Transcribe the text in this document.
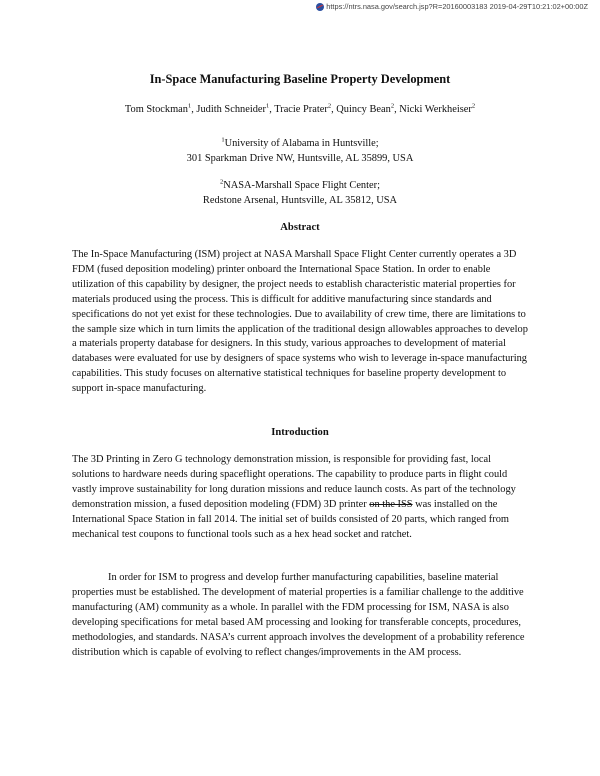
https://ntrs.nasa.gov/search.jsp?R=20160003183 2019-04-29T10:21:02+00:00Z
In-Space Manufacturing Baseline Property Development
Tom Stockman$^1$, Judith Schneider$^1$, Tracie Prater$^2$, Quincy Bean$^2$, Nicki Werkheiser$^2$
$^1$University of Alabama in Huntsville;
301 Sparkman Drive NW, Huntsville, AL 35899, USA
$^2$NASA-Marshall Space Flight Center;
Redstone Arsenal, Huntsville, AL 35812, USA
Abstract

The In-Space Manufacturing (ISM) project at NASA Marshall Space Flight Center currently operates a 3D FDM (fused deposition modeling) printer onboard the International Space Station. In order to enable utilization of this capability by designer, the project needs to establish characteristic material properties for materials produced using the process. This is difficult for additive manufacturing since standards and specifications do not yet exist for these technologies. Due to availability of crew time, there are limitations to the sample size which in turn limits the application of the traditional design allowables approaches to develop a materials property database for designers. In this study, various approaches to development of material databases were evaluated for use by designers of space systems who wish to leverage in-space manufacturing capabilities. This study focuses on alternative statistical techniques for baseline property development to support in-space manufacturing.

Introduction

The 3D Printing in Zero G technology demonstration mission, is responsible for providing fast, local solutions to hardware needs during spaceflight operations. The capability to produce parts in flight could vastly improve sustainability for long duration missions and reduce launch costs. As part of the technology demonstration mission, a fused deposition modeling (FDM) 3D printer on the ISS was installed on the International Space Station in fall 2014. The initial set of builds consisted of 20 parts, which ranged from mechanical test coupons to functional tools such as a hex head socket and ratchet.

In order for ISM to progress and develop further manufacturing capabilities, baseline material properties must be established. The development of material properties is a familiar challenge to the additive manufacturing (AM) community as a whole. In parallel with the FDM processing for ISM, NASA is also developing specifications for metal based AM processing and looking for transferable concepts, procedures, methodologies, and standards. NASA’s current approach involves the development of a probability reference distribution which is capable of evolving to reflect changes/improvements in the AM process.
